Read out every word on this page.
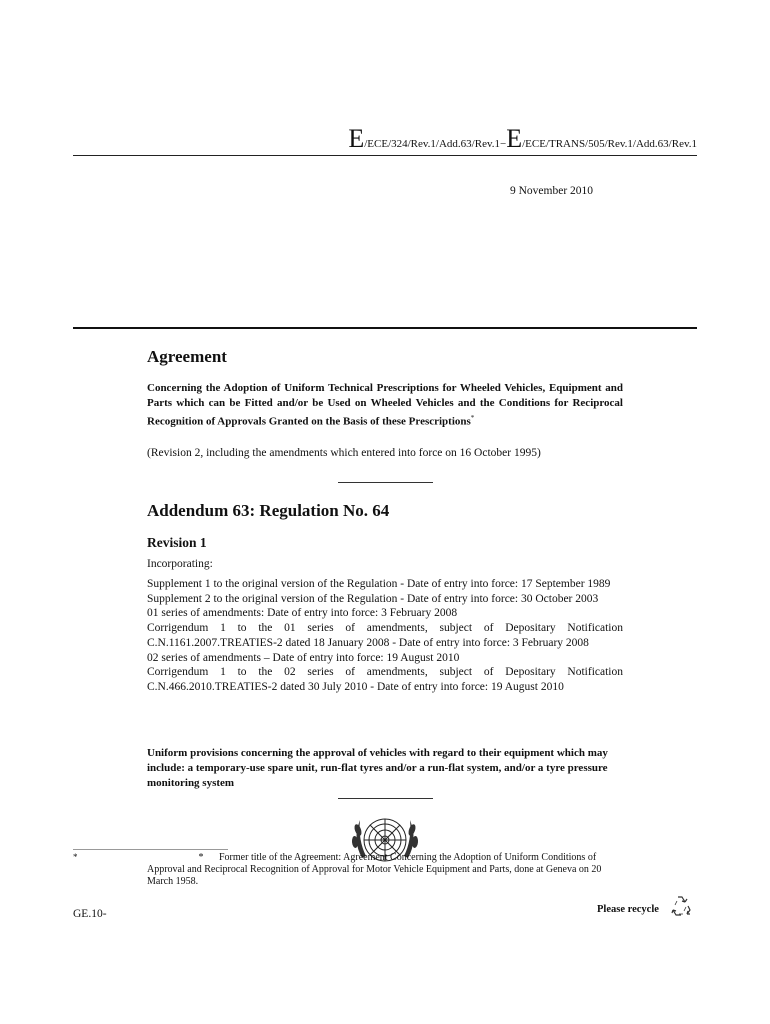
E/ECE/324/Rev.1/Add.63/Rev.1−E/ECE/TRANS/505/Rev.1/Add.63/Rev.1
9 November 2010
Agreement
Concerning the Adoption of Uniform Technical Prescriptions for Wheeled Vehicles, Equipment and Parts which can be Fitted and/or be Used on Wheeled Vehicles and the Conditions for Reciprocal Recognition of Approvals Granted on the Basis of these Prescriptions*
(Revision 2, including the amendments which entered into force on 16 October 1995)
Addendum 63: Regulation No. 64
Revision 1
Incorporating:
Supplement 1 to the original version of the Regulation - Date of entry into force: 17 September 1989
Supplement 2 to the original version of the Regulation - Date of entry into force: 30 October 2003
01 series of amendments: Date of entry into force: 3 February 2008
Corrigendum 1 to the 01 series of amendments, subject of Depositary Notification C.N.1161.2007.TREATIES-2 dated 18 January 2008 - Date of entry into force: 3 February 2008
02 series of amendments – Date of entry into force: 19 August 2010
Corrigendum 1 to the 02 series of amendments, subject of Depositary Notification C.N.466.2010.TREATIES-2 dated 30 July 2010 - Date of entry into force: 19 August 2010
Uniform provisions concerning the approval of vehicles with regard to their equipment which may include: a temporary-use spare unit, run-flat tyres and/or a run-flat system, and/or a tyre pressure monitoring system
*	* Former title of the Agreement: Agreement Concerning the Adoption of Uniform Conditions of Approval and Reciprocal Recognition of Approval for Motor Vehicle Equipment and Parts, done at Geneva on 20 March 1958.
GE.10-	Please recycle
